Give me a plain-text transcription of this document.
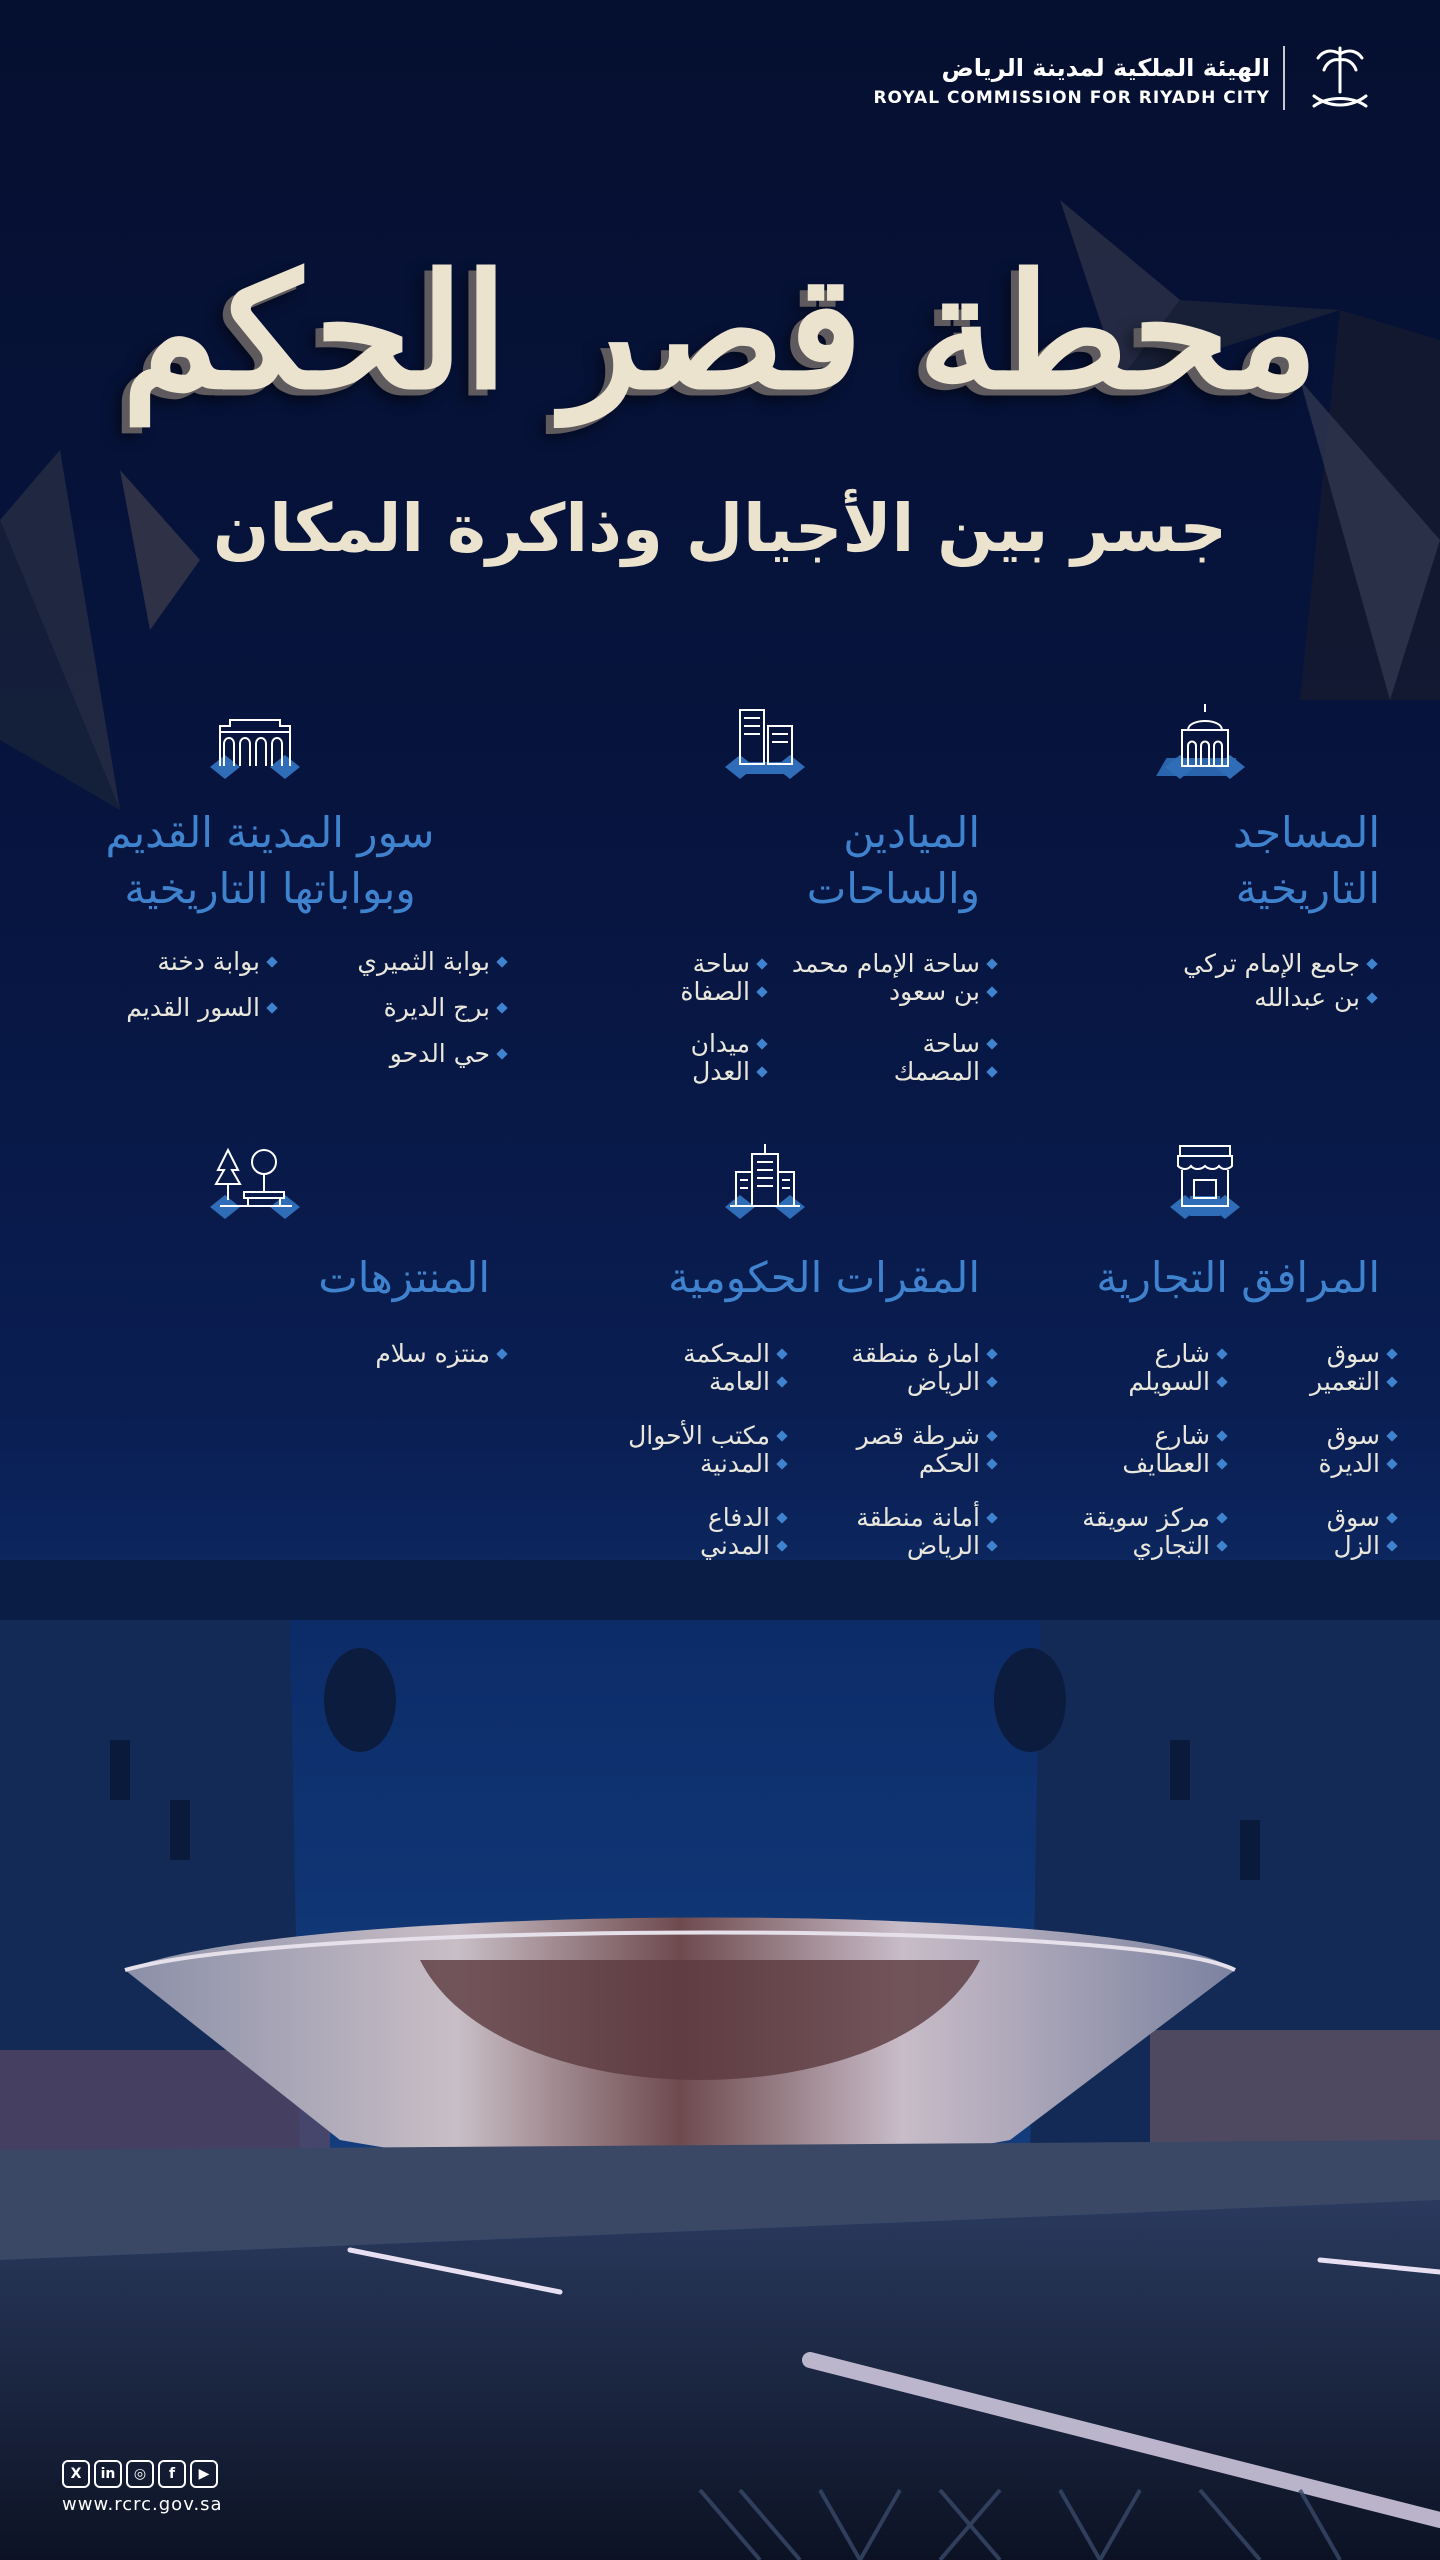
الهيئة الملكية لمدينة الرياض
ROYAL COMMISSION FOR RIYADH CITY
محطة قصر الحكم
جسر بين الأجيال وذاكرة المكان
المساجد
التاريخية
جامع الإمام تركي
بن عبدالله
الميادين
والساحات
ساحة الإمام محمد
بن سعود
ساحة
الصفاة
ساحة
المصمك
ميدان
العدل
سور المدينة القديم
وبواباتها التاريخية
بوابة الثميري
بوابة دخنة
برج الديرة
السور القديم
حي الدحو
المرافق التجارية
سوق
التعمير
شارع
السويلم
سوق
الديرة
شارع
العطايف
سوق
الزل
مركز سويقة
التجاري
المقرات الحكومية
امارة منطقة
الرياض
المحكمة
العامة
شرطة قصر
الحكم
مكتب الأحوال
المدنية
أمانة منطقة
الرياض
الدفاع
المدني
المنتزهات
منتزه سلام
X	in	◎	f	▶
www.rcrc.gov.sa
